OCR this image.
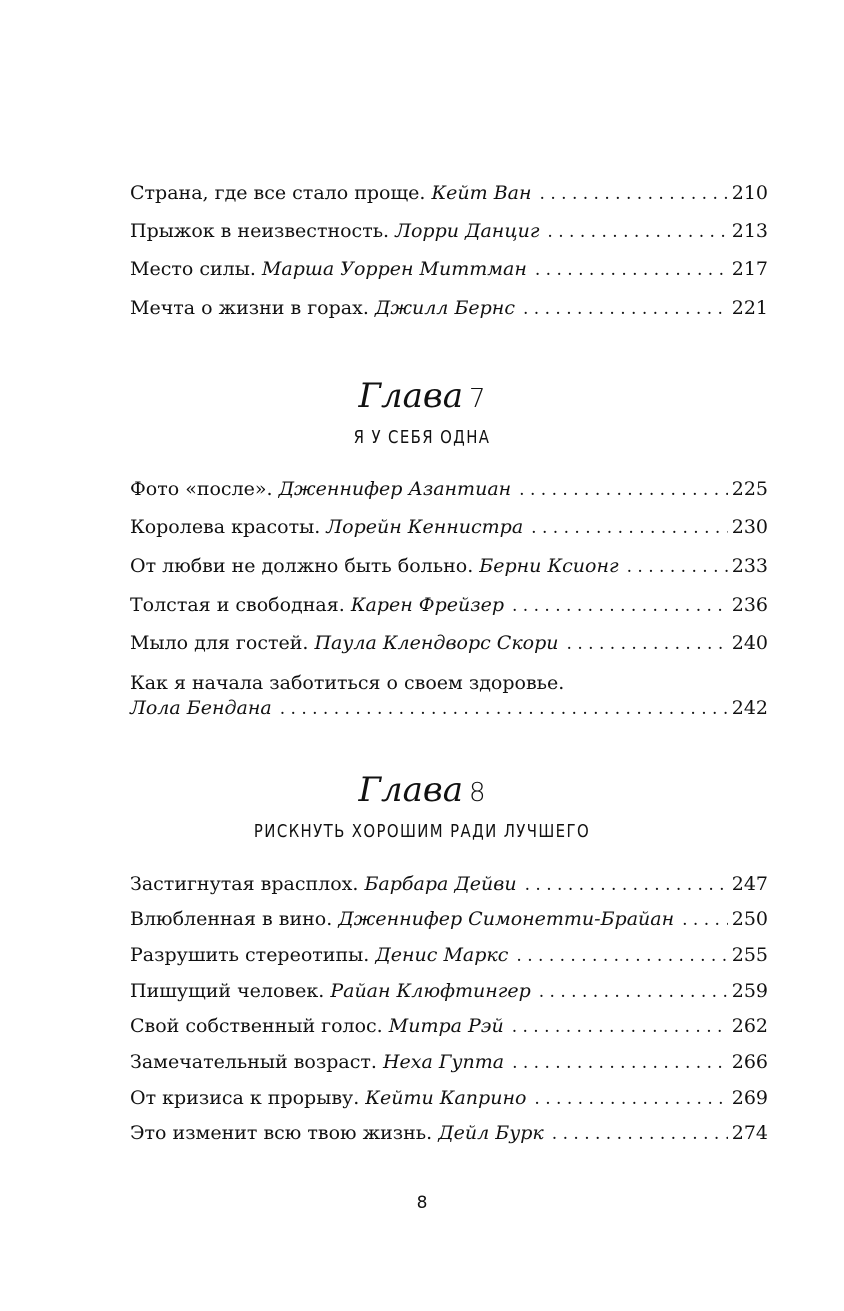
Страна, где все стало проще. Кейт Ван . . .	210
Прыжок в неизвестность. Лорри Данциг . . .	213
Место силы. Марша Уоррен Миттман . . .	217
Мечта о жизни в горах. Джилл Бернс . . .	221
Глава 7
Я У СЕБЯ ОДНА
Фото «после». Дженнифер Азантиан . . .	225
Королева красоты. Лорейн Кеннистра . . .	230
От любви не должно быть больно. Берни Ксионг . . .	233
Толстая и свободная. Карен Фрейзер . . .	236
Мыло для гостей. Паула Клендворс Скори . . .	240
Как я начала заботиться о своем здоровье.
Лола Бендана . . .	242
Глава 8
РИСКНУТЬ ХОРОШИМ РАДИ ЛУЧШЕГО
Застигнутая врасплох. Барбара Дейви . . .	247
Влюбленная в вино. Дженнифер Симонетти-Брайан . . .	250
Разрушить стереотипы. Денис Маркс . . .	255
Пишущий человек. Райан Клюфтингер . . .	259
Свой собственный голос. Митра Рэй . . .	262
Замечательный возраст. Неха Гупта . . .	266
От кризиса к прорыву. Кейти Каприно . . .	269
Это изменит всю твою жизнь. Дейл Бурк . . .	274
8
